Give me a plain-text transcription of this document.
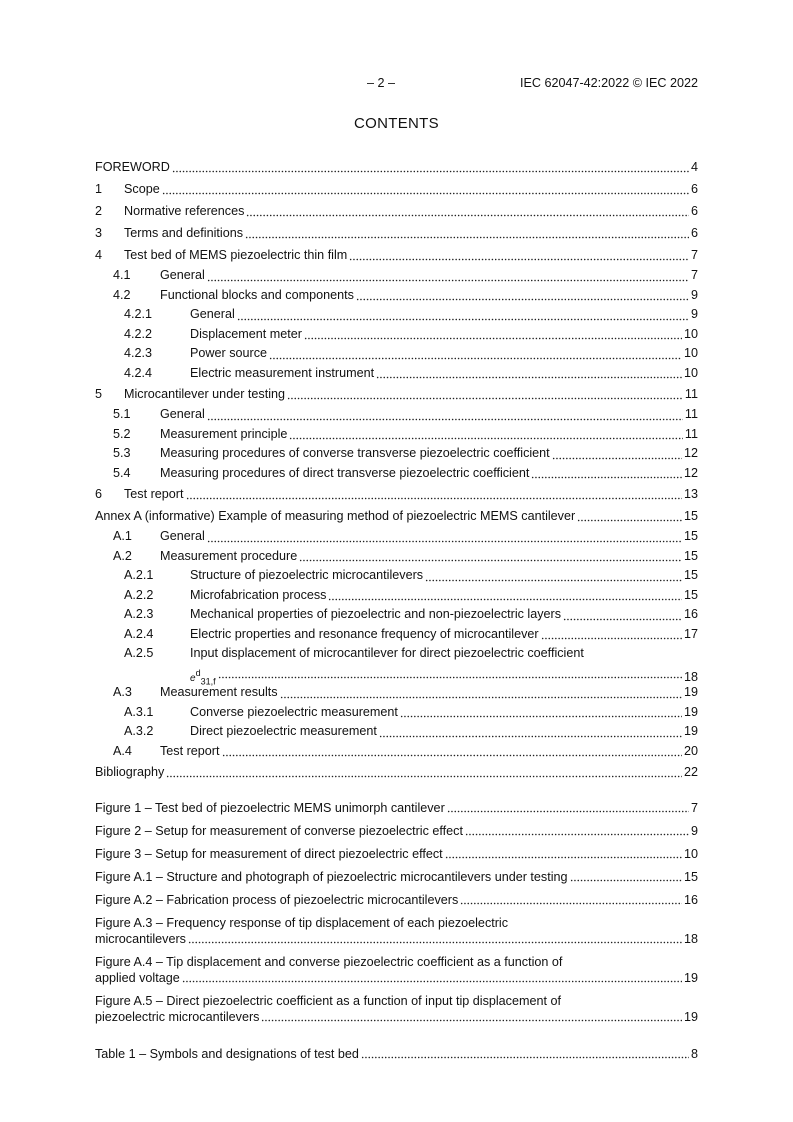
– 2 –	IEC 62047-42:2022 © IEC 2022
CONTENTS
FOREWORD	4
1	Scope	6
2	Normative references	6
3	Terms and definitions	6
4	Test bed of MEMS piezoelectric thin film	7
4.1	General	7
4.2	Functional blocks and components	9
4.2.1	General	9
4.2.2	Displacement meter	10
4.2.3	Power source	10
4.2.4	Electric measurement instrument	10
5	Microcantilever under testing	11
5.1	General	11
5.2	Measurement principle	11
5.3	Measuring procedures of converse transverse piezoelectric coefficient	12
5.4	Measuring procedures of direct transverse piezoelectric coefficient	12
6	Test report	13
Annex A (informative) Example of measuring method of piezoelectric MEMS cantilever	15
A.1	General	15
A.2	Measurement procedure	15
A.2.1	Structure of piezoelectric microcantilevers	15
A.2.2	Microfabrication process	15
A.2.3	Mechanical properties of piezoelectric and non-piezoelectric layers	16
A.2.4	Electric properties and resonance frequency of microcantilever	17
A.2.5	Input displacement of microcantilever for direct piezoelectric coefficient
$e^d_{31,f}$	18
A.3	Measurement results	19
A.3.1	Converse piezoelectric measurement	19
A.3.2	Direct piezoelectric measurement	19
A.4	Test report	20
Bibliography	22
Figure 1 – Test bed of piezoelectric MEMS unimorph cantilever	7
Figure 2 – Setup for measurement of converse piezoelectric effect	9
Figure 3 – Setup for measurement of direct piezoelectric effect	10
Figure A.1 – Structure and photograph of piezoelectric microcantilevers under testing	15
Figure A.2 – Fabrication process of piezoelectric microcantilevers	16
Figure A.3 – Frequency response of tip displacement of each piezoelectric
microcantilevers	18
Figure A.4 – Tip displacement and converse piezoelectric coefficient as a function of
applied voltage	19
Figure A.5 – Direct piezoelectric coefficient as a function of input tip displacement of
piezoelectric microcantilevers	19
Table 1 – Symbols and designations of test bed	8
